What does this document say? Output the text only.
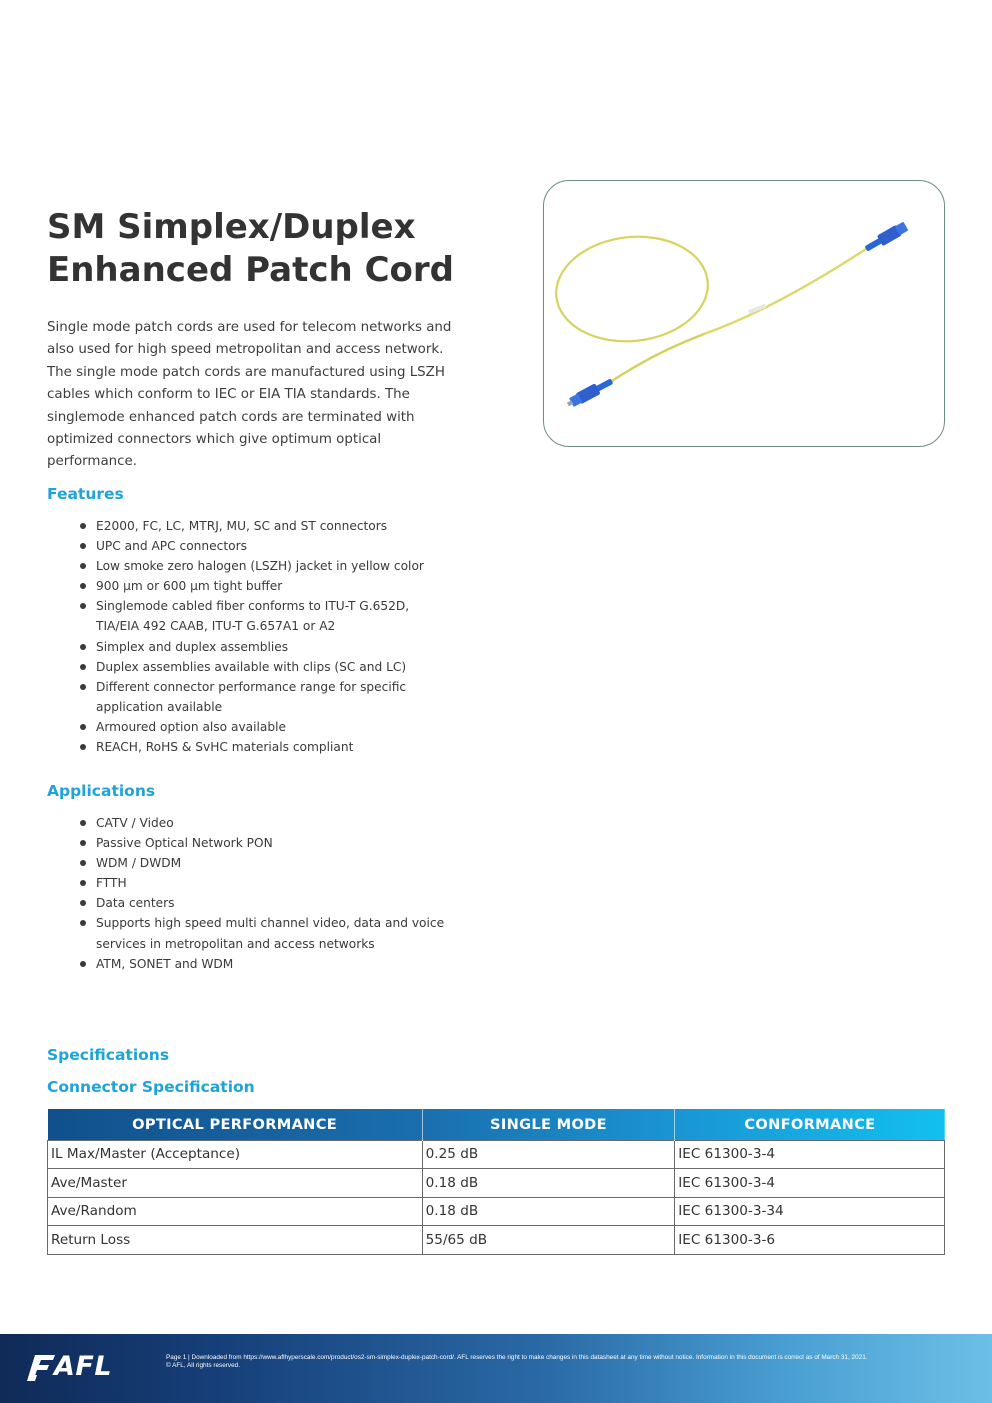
SM Simplex/Duplex
Enhanced Patch Cord

Single mode patch cords are used for telecom networks and also used for high speed metropolitan and access network. The single mode patch cords are manufactured using LSZH cables which conform to IEC or EIA TIA standards. The singlemode enhanced patch cords are terminated with optimized connectors which give optimum optical performance.

Features
E2000, FC, LC, MTRJ, MU, SC and ST connectors
UPC and APC connectors
Low smoke zero halogen (LSZH) jacket in yellow color
900 µm or 600 µm tight buffer
Singlemode cabled fiber conforms to ITU-T G.652D, TIA/EIA 492 CAAB, ITU-T G.657A1 or A2
Simplex and duplex assemblies
Duplex assemblies available with clips (SC and LC)
Different connector performance range for specific application available
Armoured option also available
REACH, RoHS & SvHC materials compliant
Applications
CATV / Video
Passive Optical Network PON
WDM / DWDM
FTTH
Data centers
Supports high speed multi channel video, data and voice services in metropolitan and access networks
ATM, SONET and WDM
Specifications
Connector Specification
OPTICAL PERFORMANCE	SINGLE MODE	CONFORMANCE
IL Max/Master (Acceptance)	0.25 dB	IEC 61300-3-4
Ave/Master	0.18 dB	IEC 61300-3-4
Ave/Random	0.18 dB	IEC 61300-3-34
Return Loss	55/65 dB	IEC 61300-3-6
AFL	Page 1 | Downloaded from https://www.aflhyperscale.com/product/os2-sm-simplex-duplex-patch-cord/. AFL reserves the right to make changes in this datasheet at any time without notice. Information in this document is correct as of March 31, 2021.
© AFL, All rights reserved.
